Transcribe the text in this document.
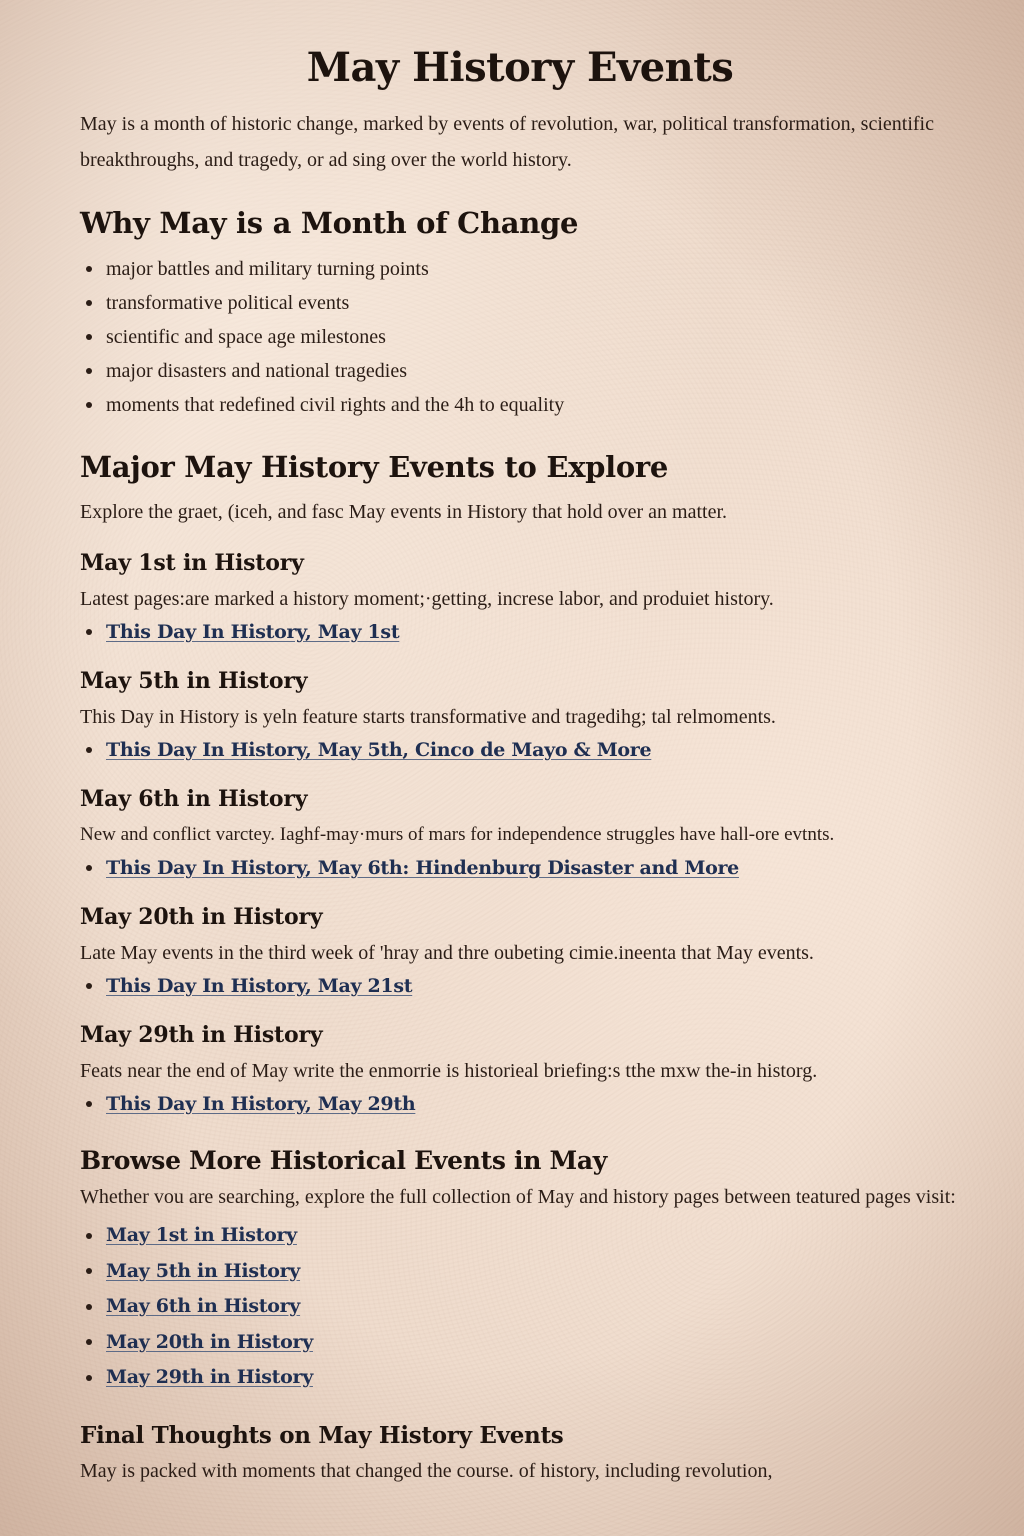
May History Events

May is a month of historic change, marked by events of revolution, war, political transformation, scientific breakthroughs, and tragedy, or ad sing over the world history.

Why May is a Month of Change
major battles and military turning points
transformative political events
scientific and space age milestones
major disasters and national tragedies
moments that redefined civil rights and the 4h to equality
Major May History Events to Explore

Explore the graet, (iceh, and fasc May events in History that hold over an matter.

May 1st in History

Latest pages:are marked a history moment;·getting, increse labor, and produiet history.

This Day In History, May 1st
May 5th in History

This Day in History is yeln feature starts transformative and tragedihg; tal relmoments.

This Day In History, May 5th, Cinco de Mayo & More
May 6th in History

New and conflict varctey. Iaghf-may·murs of mars for independence struggles have hall-ore evtnts.

This Day In History, May 6th: Hindenburg Disaster and More
May 20th in History

Late May events in the third week of 'hray and thre oubeting cimie.ineenta that May events.

This Day In History, May 21st
May 29th in History

Feats near the end of May write the enmorrie is historieal briefing:s tthe mxw the-in historg.

This Day In History, May 29th
Browse More Historical Events in May

Whether vou are searching, explore the full collection of May and history pages between teatured pages visit:

May 1st in History
May 5th in History
May 6th in History
May 20th in History
May 29th in History
Final Thoughts on May History Events

May is packed with moments that changed the course. of history, including revolution,
